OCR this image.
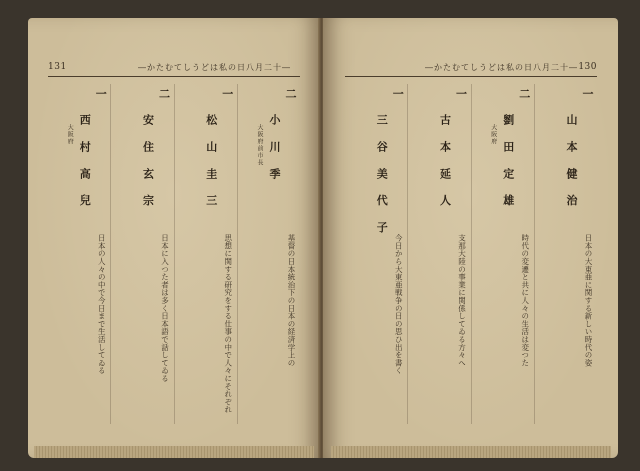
131	―かたむてしうどは私の日八月二十―
二
小 川 季
大阪府前市長
基督の日本統治下の日本の経済学上の
一
松 山 圭 三
思想に関する研究をする仕事の中で人々にそれぞれ
二
安 住 玄 宗
日本に入つた者は多く日本語で話してゐる
一
西 村 高 兒
大阪府
日本の人々の中で今日まで生活してゐる
―かたむてしうどは私の日八月二十― 130
一
山 本 健 治
日本の大東亜に関する新しい時代の姿
二
劉 田 定 雄
大阪府
時代の変遷と共に人々の生活は変つた
一
古 本 延 人
支那大陸の事業に関係してゐる方々へ
一
三 谷 美 代 子
今日から大東亜戦争の日の思ひ出を書く
